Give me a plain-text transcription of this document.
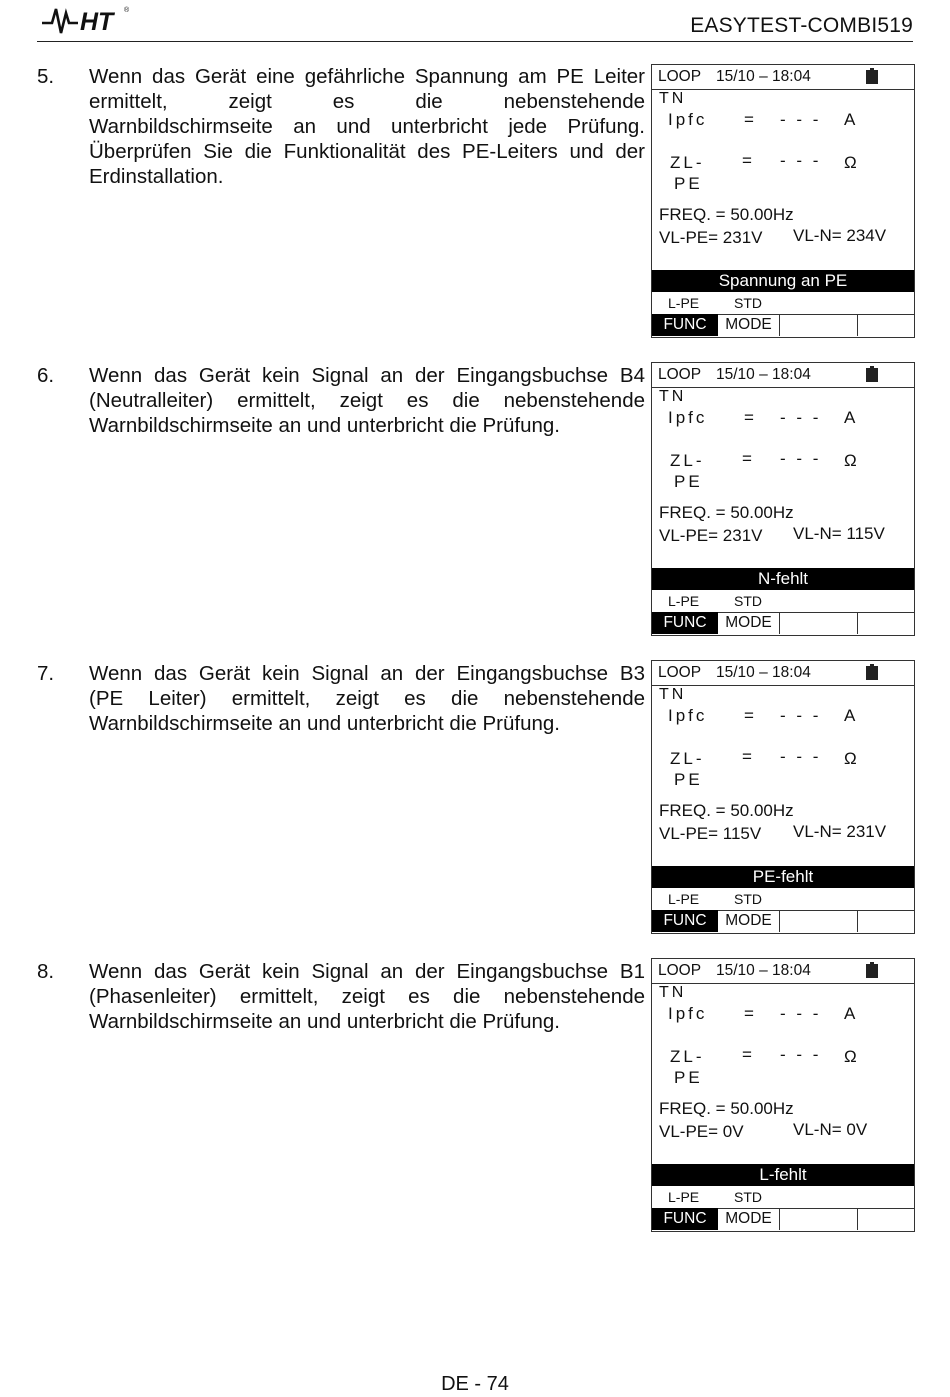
HT	®
EASYTEST-COMBI519
5. Wenn das Gerät eine gefährliche Spannung am PE Leiter
ermittelt, zeigt es die nebenstehende
Warnbildschirmseite an und unterbricht jede Prüfung.
Überprüfen Sie die Funktionalität des PE-Leiters und der
Erdinstallation.
LOOP 15/10 – 18:04
TN
Ipfc = - - - A
ZL-
PE
= - - - Ω
FREQ. = 50.00Hz
VL-PE= 231V VL-N= 234V
Spannung an PE
L-PE STD
FUNC	MODE
6. Wenn das Gerät kein Signal an der Eingangsbuchse B4
(Neutralleiter) ermittelt, zeigt es die nebenstehende
Warnbildschirmseite an und unterbricht die Prüfung.
LOOP 15/10 – 18:04
TN
Ipfc = - - - A
ZL-
PE
= - - - Ω
FREQ. = 50.00Hz
VL-PE= 231V VL-N= 115V
N-fehlt
L-PE STD
FUNC	MODE
7. Wenn das Gerät kein Signal an der Eingangsbuchse B3
(PE Leiter) ermittelt, zeigt es die nebenstehende
Warnbildschirmseite an und unterbricht die Prüfung.
LOOP 15/10 – 18:04
TN
Ipfc = - - - A
ZL-
PE
= - - - Ω
FREQ. = 50.00Hz
VL-PE= 115V VL-N= 231V
PE-fehlt
L-PE STD
FUNC	MODE
8. Wenn das Gerät kein Signal an der Eingangsbuchse B1
(Phasenleiter) ermittelt, zeigt es die nebenstehende
Warnbildschirmseite an und unterbricht die Prüfung.
LOOP 15/10 – 18:04
TN
Ipfc = - - - A
ZL-
PE
= - - - Ω
FREQ. = 50.00Hz
VL-PE= 0V	VL-N= 0V
L-fehlt
L-PE STD
FUNC	MODE
DE - 74
